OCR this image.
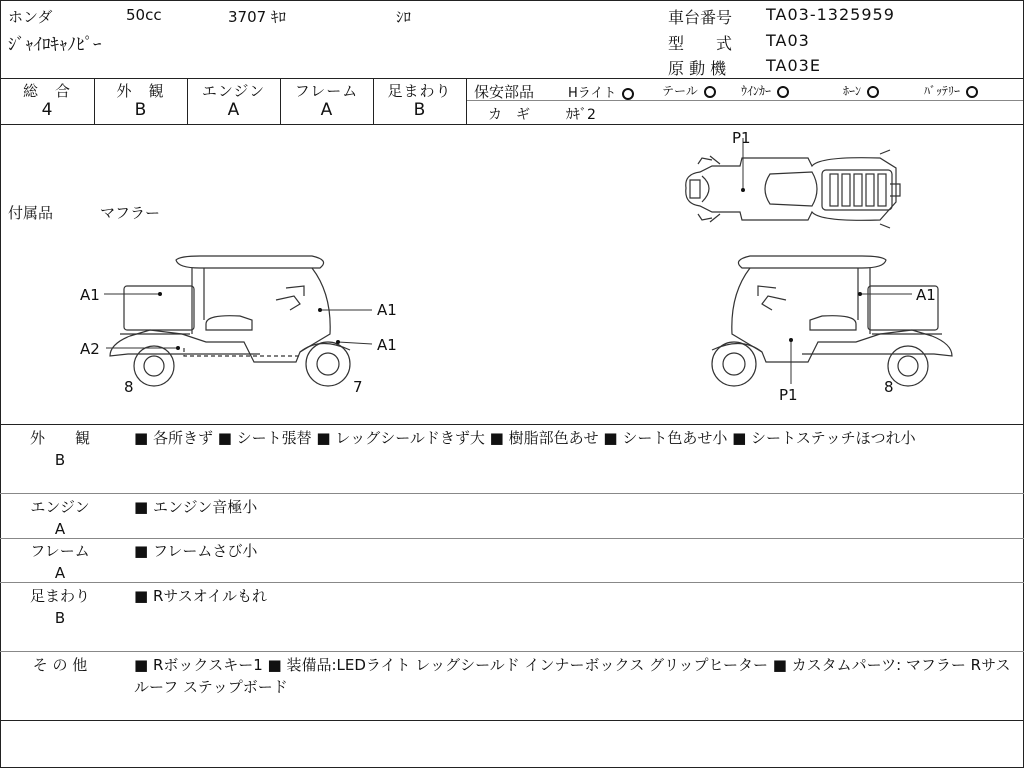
ホンダ	50cc	3707 ｷﾛ	ｼﾛ
ｼﾞｬｲﾛｷｬﾉﾋﾟｰ
車台番号 TA03-1325959
型　　式 TA03
原 動 機 TA03E
総　合
4
外　観
B
エンジン
A
フレーム
A
足まわり
B
保安部品	Hライト	テール	ｳｲﾝｶｰ	ﾎｰﾝ	ﾊﾞｯﾃﾘｰ
カ　ギ	ｶｷﾞ2
付属品	マフラー
P1
A1
A2
A1
A1
8	7
A1
P1	8
外　　観
B
■ 各所きず ■ シート張替 ■ レッグシールドきず大 ■ 樹脂部色あせ ■ シート色あせ小 ■ シートステッチほつれ小
エンジン
A
■ エンジン音極小
フレーム
A
■ フレームさび小
足まわり
B
■ Rサスオイルもれ
そ の 他	■ Rボックスキー1 ■ 装備品:LEDライト レッグシールド インナーボックス グリップヒーター ■ カスタムパーツ: マフラー Rサス ルーフ ステップボード
